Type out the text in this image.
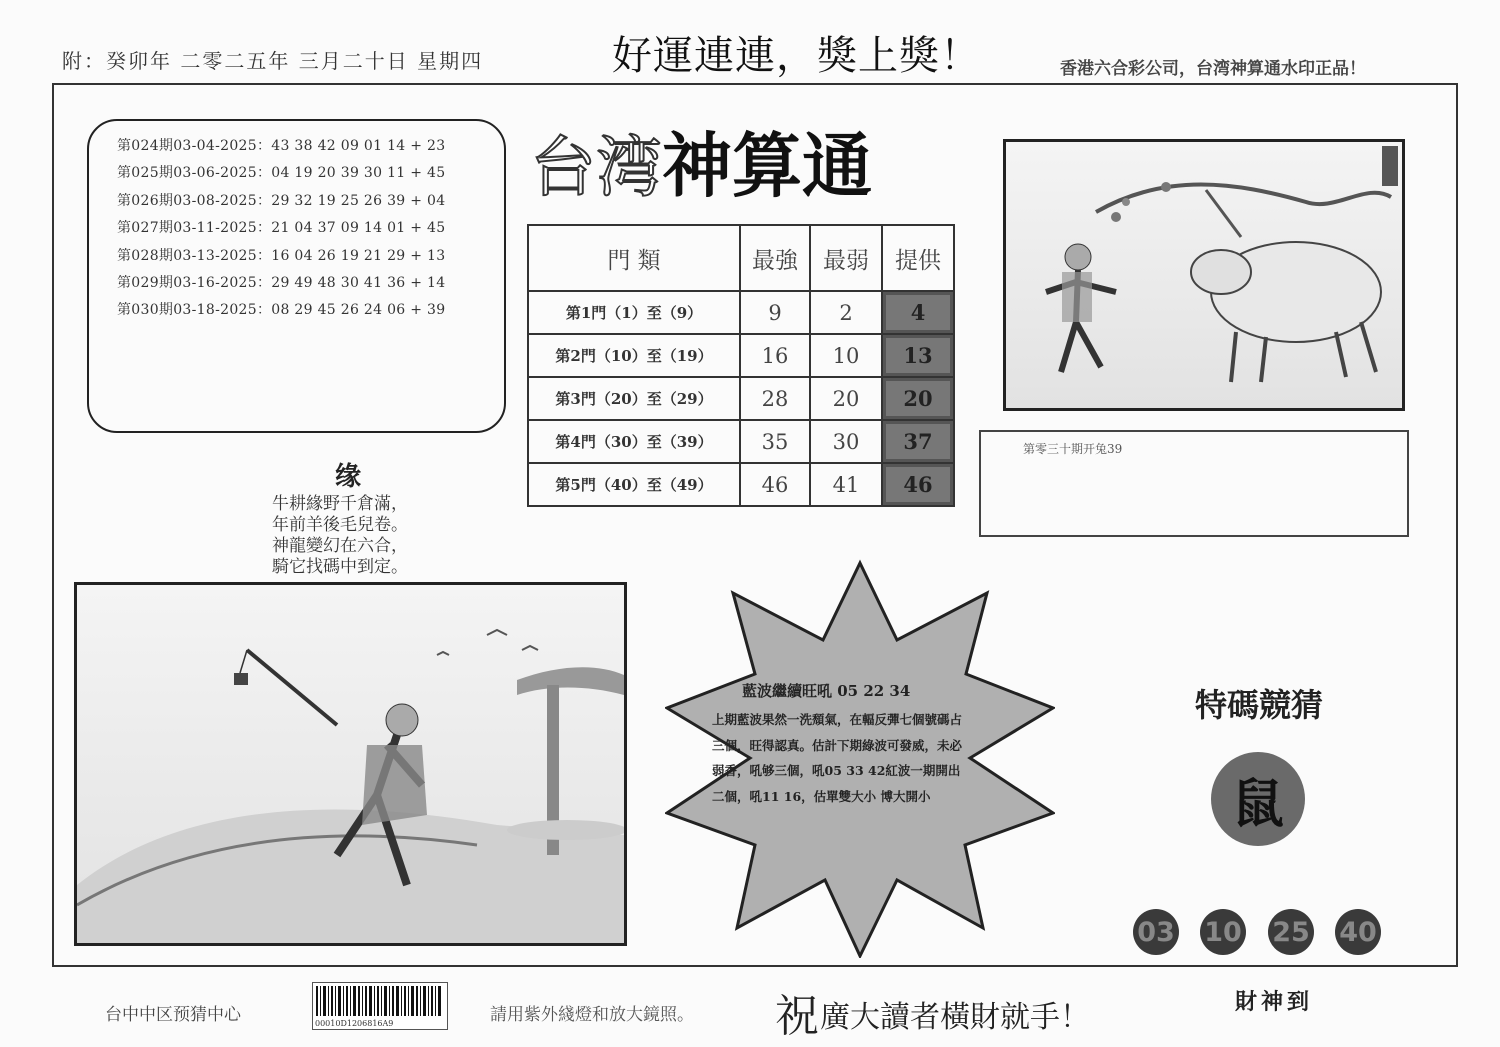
附：癸卯年 二零二五年 三月二十日 星期四	好運連連，獎上獎！	香港六合彩公司，台湾神算通水印正品！
第024期03-04-2025：43 38 42 09 01 14 + 23
第025期03-06-2025：04 19 20 39 30 11 + 45
第026期03-08-2025：29 32 19 25 26 39 + 04
第027期03-11-2025：21 04 37 09 14 01 + 45
第028期03-13-2025：16 04 26 19 21 29 + 13
第029期03-16-2025：29 49 48 30 41 36 + 14
第030期03-18-2025：08 29 45 26 24 06 + 39
台湾神算通
門 類	最強	最弱	提供
第1門（1）至（9）	9	2	4
第2門（10）至（19）	16	10	13
第3門（20）至（29）	28	20	20
第4門（30）至（39）	35	30	37
第5門（40）至（49）	46	41	46
第零三十期开兔39
缘
牛耕緣野千倉滿，
年前羊後毛兒卷。
神龍變幻在六合，
騎它找碼中到定。
藍波繼續旺吼 05 22 34
上期藍波果然一洗頹氣，在輻反彈七個號碼占
三個，旺得認真。估計下期綠波可發威，未必
弱香，吼够三個，吼05 33 42紅波一期開出
二個，吼11 16，估單雙大小 博大開小
特碼競猜
鼠
03 10 25 40
台中中区预猜中心	00010D1206816A9	請用紫外綫燈和放大鏡照。 祝 廣大讀者橫財就手！	財神到
